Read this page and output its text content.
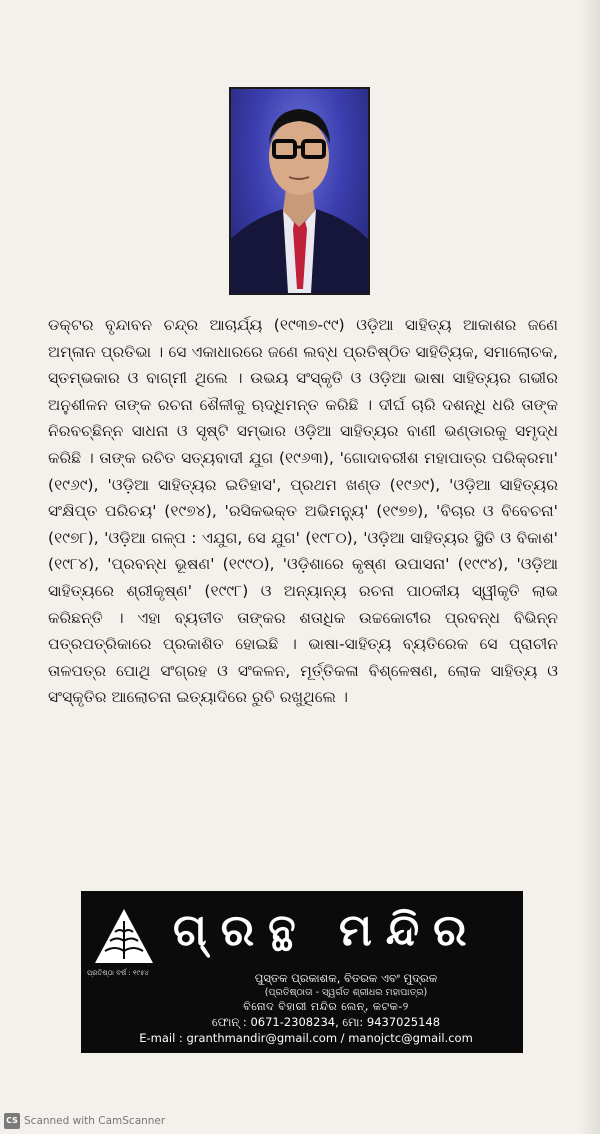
ଡକ୍ଟର ବୃନ୍ଦାବନ ଚନ୍ଦ୍ର ଆଚାର୍ଯ୍ୟ (୧୯୩୭-୯୯) ଓଡ଼ିଆ ସାହିତ୍ୟ ଆକାଶର ଜଣେ ଅମ୍ଳାନ ପ୍ରତିଭା । ସେ ଏକାଧାରରେ ଜଣେ ଲବ୍ଧ ପ୍ରତିଷ୍ଠିତ ସାହିତ୍ୟିକ, ସମାଲୋଚକ, ସ୍ତମ୍ଭକାର ଓ ବାଗ୍ମୀ ଥିଲେ । ଉଭୟ ସଂସ୍କୃତି ଓ ଓଡ଼ିଆ ଭାଷା ସାହିତ୍ୟର ଗଭୀର ଅନୁଶୀଳନ ତାଙ୍କ ରଚନା ଶୈଳୀକୁ ଋଦ୍ଧିମନ୍ତ କରିଛି । ଦୀର୍ଘ ଚାରି ଦଶନ୍ଧି ଧରି ତାଙ୍କ ନିରବଚ୍ଛିନ୍ନ ସାଧନା ଓ ସୃଷ୍ଟି ସମ୍ଭାର ଓଡ଼ିଆ ସାହିତ୍ୟର ବାଣୀ ଭଣ୍ଡାରକୁ ସମୃଦ୍ଧ କରିଛି । ତାଙ୍କ ରଚିତ ସତ୍ୟବାଦୀ ଯୁଗ (୧୯୬୩), 'ଗୋଦାବରୀଶ ମହାପାତ୍ର ପରିକ୍ରମା' (୧୯୬୯), 'ଓଡ଼ିଆ ସାହିତ୍ୟର ଇତିହାସ', ପ୍ରଥମ ଖଣ୍ଡ (୧୯୬୯), 'ଓଡ଼ିଆ ସାହିତ୍ୟର ସଂକ୍ଷିପ୍ତ ପରିଚୟ' (୧୯୭୪), 'ରସିକଭକ୍ତ ଅଭିମନ୍ୟୁ' (୧୯୭୭), 'ବିଚାର ଓ ବିବେଚନା' (୧୯୭୮), 'ଓଡ଼ିଆ ଗଳ୍ପ : ଏଯୁଗ, ସେ ଯୁଗ' (୧୯୮୦), 'ଓଡ଼ିଆ ସାହିତ୍ୟର ସ୍ଥିତି ଓ ବିକାଶ' (୧୯୮୪), 'ପ୍ରବନ୍ଧ ଭୂଷଣ' (୧୯୯୦), 'ଓଡ଼ିଶାରେ କୃଷ୍ଣ ଉପାସନା' (୧୯୯୪), 'ଓଡ଼ିଆ ସାହିତ୍ୟରେ ଶ୍ରୀକୃଷ୍ଣ' (୧୯୯୮) ଓ ଅନ୍ୟାନ୍ୟ ରଚନା ପାଠକୀୟ ସ୍ୱୀକୃତି ଲାଭ କରିଛନ୍ତି । ଏହା ବ୍ୟତୀତ ତାଙ୍କର ଶତାଧିକ ଉଚ୍ଚକୋଟୀର ପ୍ରବନ୍ଧ ବିଭିନ୍ନ ପତ୍ରପତ୍ରିକାରେ ପ୍ରକାଶିତ ହୋଇଛି । ଭାଷା-ସାହିତ୍ୟ ବ୍ୟତିରେକ ସେ ପ୍ରାଚୀନ ତାଳପତ୍ର ପୋଥି ସଂଗ୍ରହ ଓ ସଂକଳନ, ମୂର୍ତ୍ତିକଳା ବିଶ୍ଳେଷଣ, ଲୋକ ସାହିତ୍ୟ ଓ ସଂସ୍କୃତିର ଆଲୋଚନା ଇତ୍ୟାଦିରେ ରୁଚି ରଖୁଥିଲେ ।
ଗ୍ରନ୍ଥ ମନ୍ଦିର
ପ୍ରତିଷ୍ଠା ବର୍ଷ : ୧୯୫୪	ପୁସ୍ତକ ପ୍ରକାଶକ, ବିତରକ ଏବଂ ମୁଦ୍ରକ
(ପ୍ରତିଷ୍ଠାତା - ସ୍ୱର୍ଗତ ଶ୍ରୀଧର ମହାପାତ୍ର)
ବିନୋଦ ବିହାରୀ ମନ୍ଦିର ଲେନ୍, କଟକ-୨
ଫୋନ୍ : 0671-2308234, ମୋ: 9437025148
E-mail : granthmandir@gmail.com / manojctc@gmail.com
CS Scanned with CamScanner
